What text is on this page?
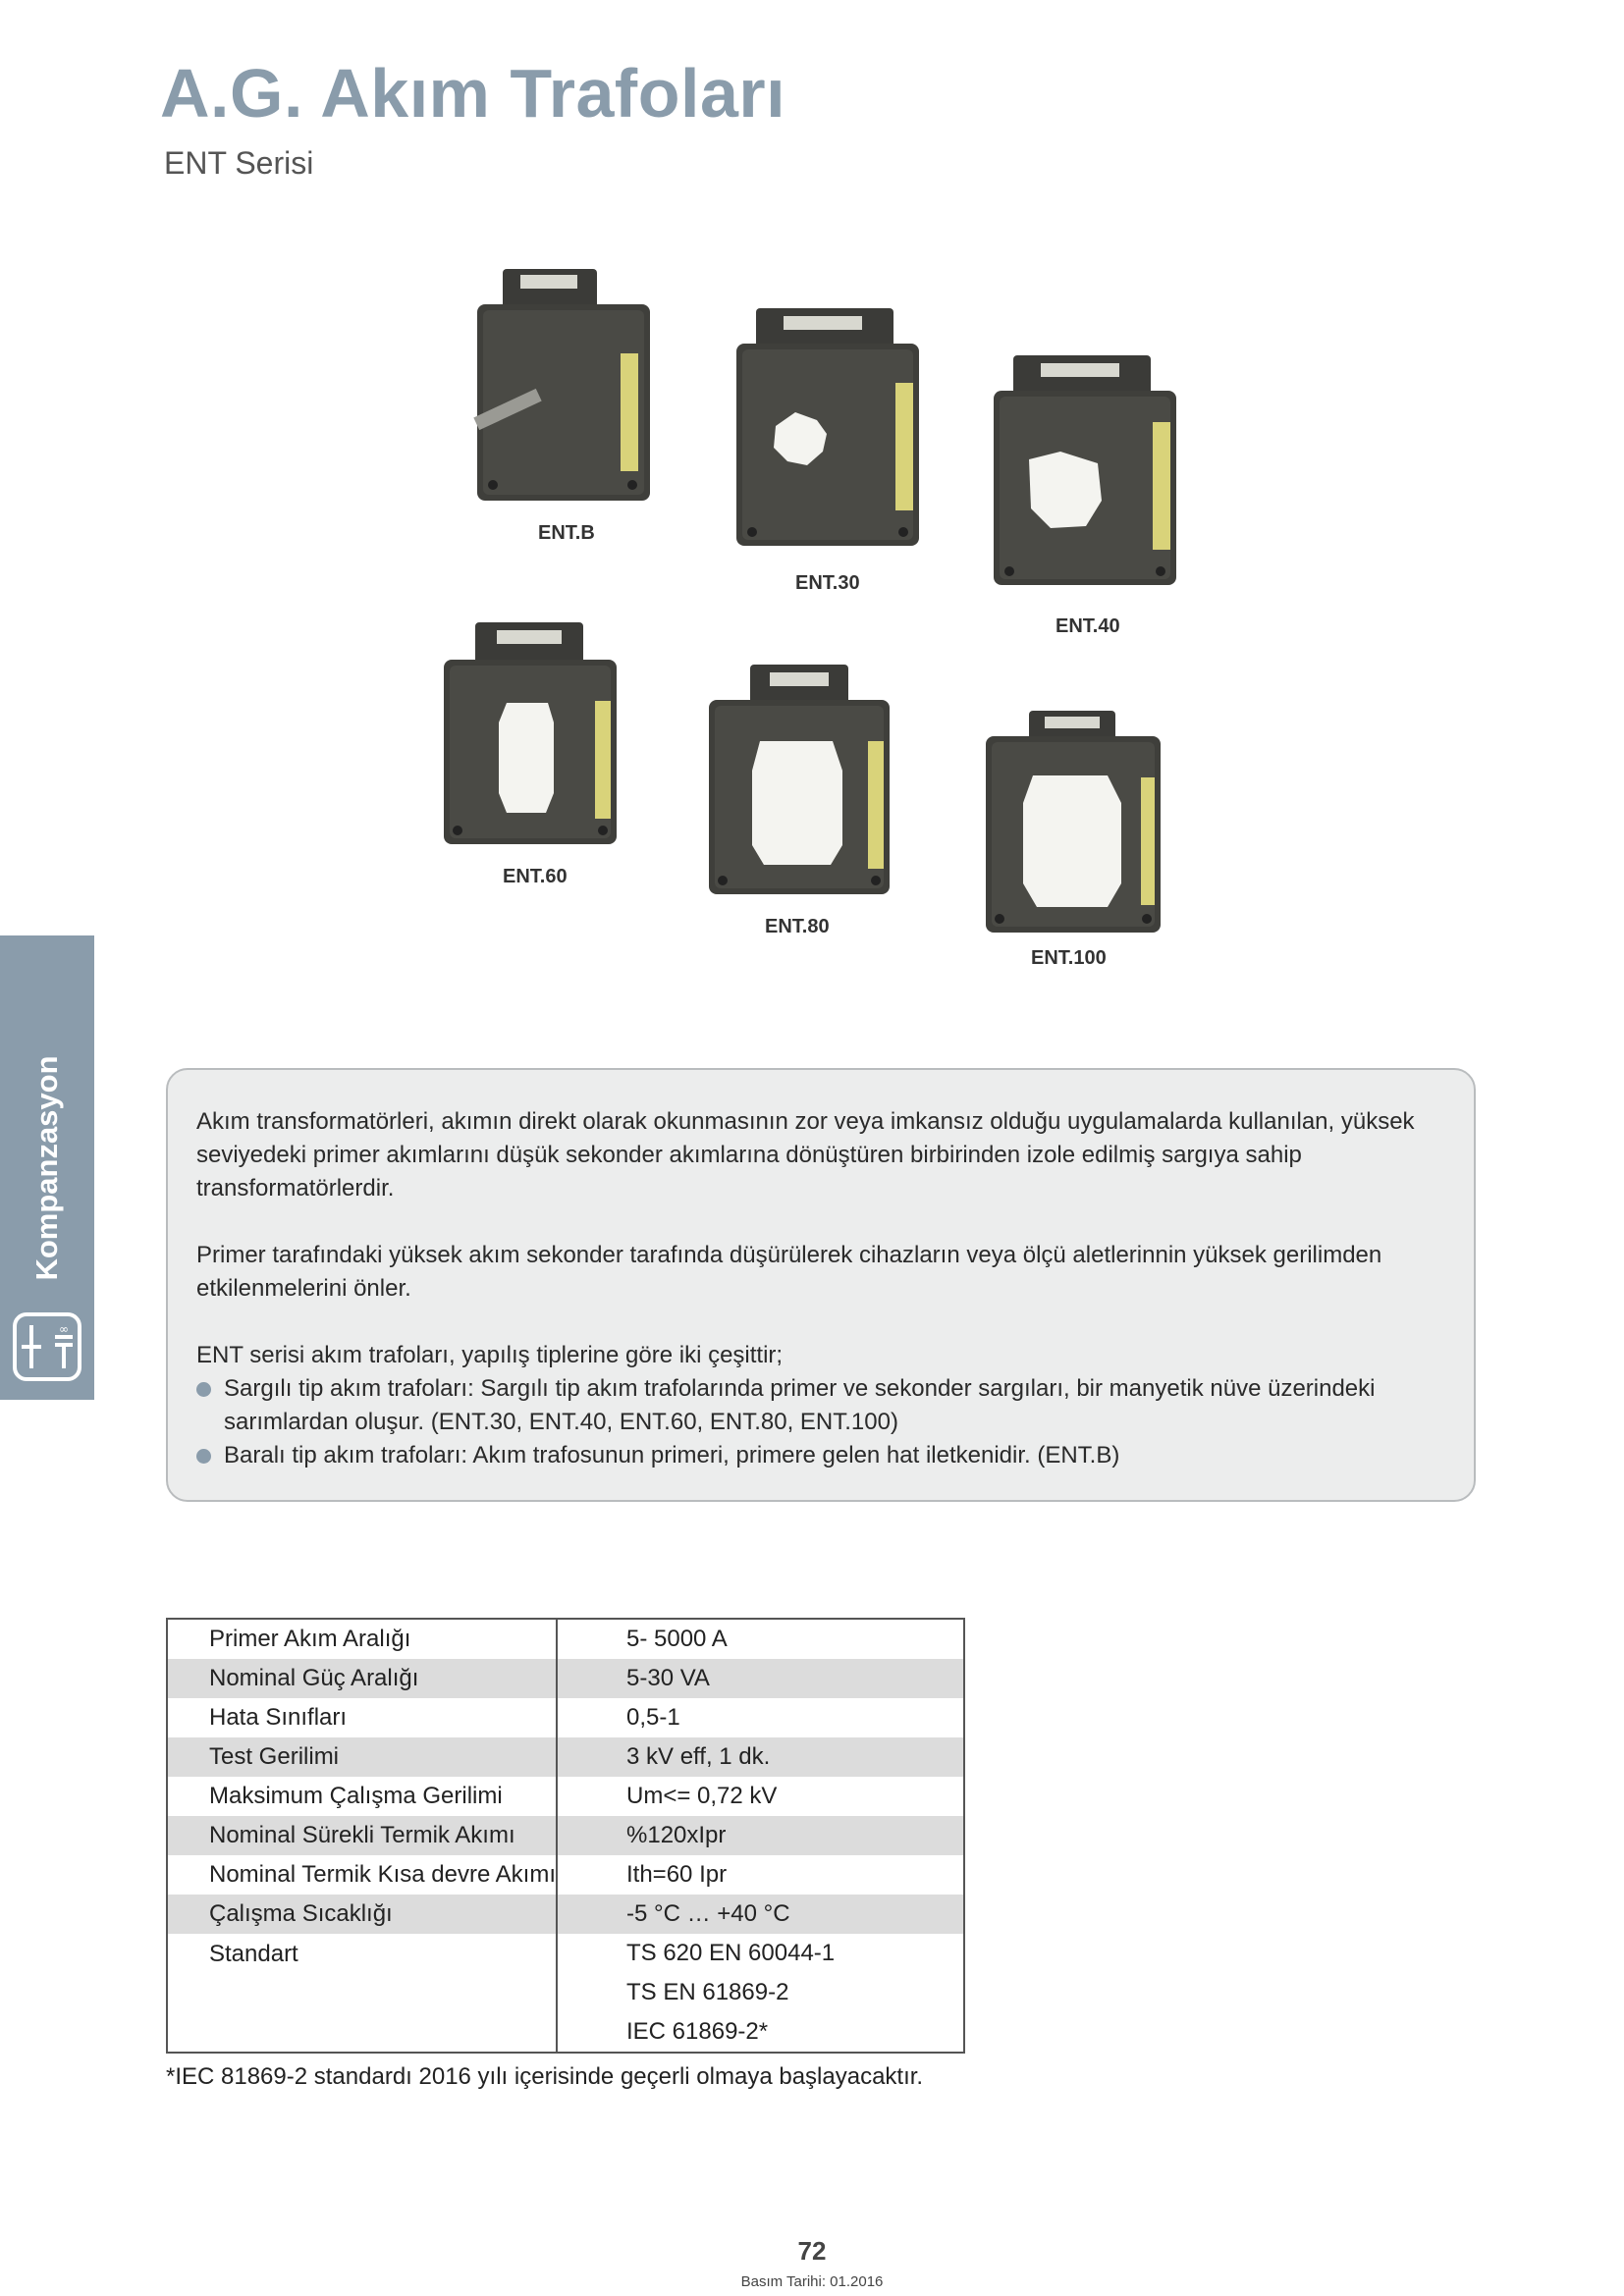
A.G. Akım Trafoları
ENT Serisi
Kompanzasyon
∞
ENT.B
ENT.30
ENT.40
ENT.60
ENT.80
ENT.100

Akım transformatörleri, akımın direkt olarak okunmasının zor veya imkansız olduğu uygulamalarda kullanılan, yüksek seviyedeki primer akımlarını düşük sekonder akımlarına dönüştüren birbirinden izole edilmiş sargıya sahip transformatörlerdir.

Primer tarafındaki yüksek akım sekonder tarafında düşürülerek cihazların veya ölçü aletlerinnin yüksek gerilimden etkilenmelerini önler.

ENT serisi akım trafoları, yapılış tiplerine göre iki çeşittir;

Sargılı tip akım trafoları: Sargılı tip akım trafolarında primer ve sekonder sargıları, bir manyetik nüve üzerindeki sarımlardan oluşur. (ENT.30, ENT.40, ENT.60, ENT.80, ENT.100)
Baralı tip akım trafoları: Akım trafosunun primeri, primere gelen hat iletkenidir. (ENT.B)
Primer Akım Aralığı	5- 5000 A
Nominal Güç Aralığı	5-30 VA
Hata Sınıfları	0,5-1
Test Gerilimi	3 kV eff, 1 dk.
Maksimum Çalışma Gerilimi	Um<= 0,72 kV
Nominal Sürekli Termik Akımı	%120xIpr
Nominal Termik Kısa devre Akımı	Ith=60 Ipr
Çalışma Sıcaklığı	-5 °C … +40 °C
Standart	TS 620 EN 60044-1
	TS EN 61869-2
	IEC 61869-2*
*IEC 81869-2 standardı 2016 yılı içerisinde geçerli olmaya başlayacaktır.
72
Basım Tarihi: 01.2016
